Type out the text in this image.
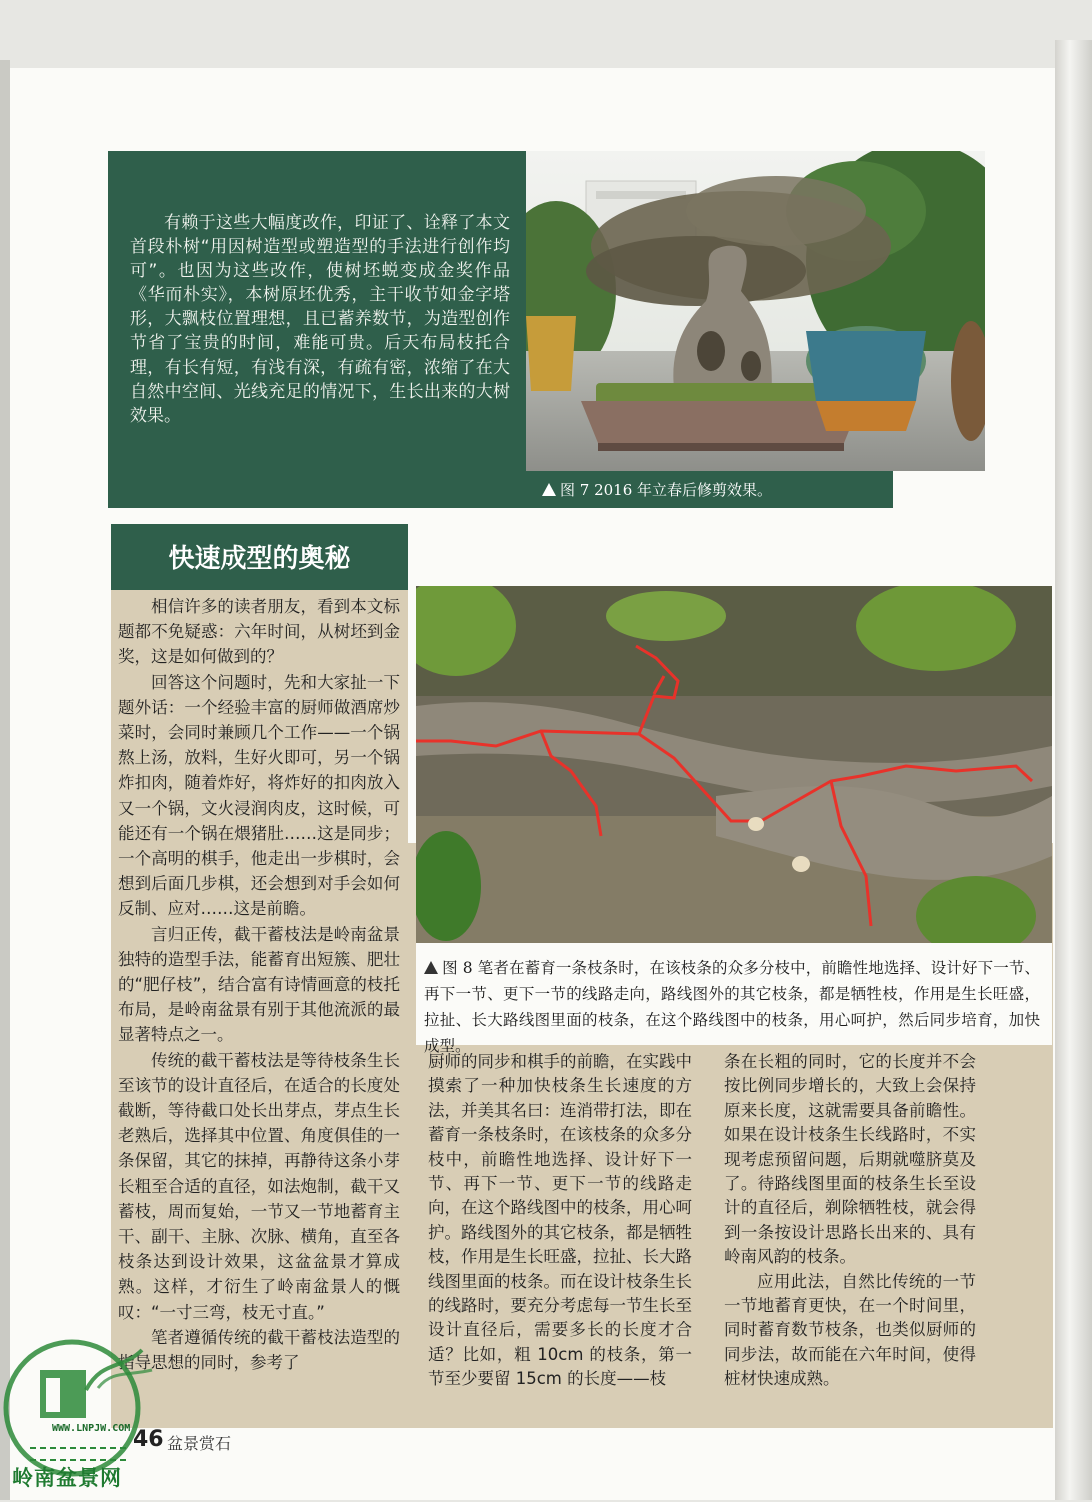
有赖于这些大幅度改作，印证了、诠释了本文首段朴树“用因树造型或塑造型的手法进行创作均可”。也因为这些改作，使树坯蜕变成金奖作品《华而朴实》，本树原坯优秀，主干收节如金字塔形，大飘枝位置理想，且已蓄养数节，为造型创作节省了宝贵的时间，难能可贵。后天布局枝托合理，有长有短，有浅有深，有疏有密，浓缩了在大自然中空间、光线充足的情况下，生长出来的大树效果。

图 7 2016 年立春后修剪效果。
快速成型的奥秘

图 8 笔者在蓄育一条枝条时，在该枝条的众多分枝中，前瞻性地选择、设计好下一节、再下一节、更下一节的线路走向，路线图外的其它枝条，都是牺牲枝，作用是生长旺盛，拉扯、长大路线图里面的枝条，在这个路线图中的枝条，用心呵护，然后同步培育，加快成型。

相信许多的读者朋友，看到本文标题都不免疑惑：六年时间，从树坯到金奖，这是如何做到的？

回答这个问题时，先和大家扯一下题外话：一个经验丰富的厨师做酒席炒菜时，会同时兼顾几个工作——一个锅熬上汤，放料，生好火即可，另一个锅炸扣肉，随着炸好，将炸好的扣肉放入又一个锅，文火浸润肉皮，这时候，可能还有一个锅在煨猪肚……这是同步；一个高明的棋手，他走出一步棋时，会想到后面几步棋，还会想到对手会如何反制、应对……这是前瞻。

言归正传，截干蓄枝法是岭南盆景独特的造型手法，能蓄育出短簇、肥壮的“肥仔枝”，结合富有诗情画意的枝托布局，是岭南盆景有别于其他流派的最显著特点之一。

传统的截干蓄枝法是等待枝条生长至该节的设计直径后，在适合的长度处截断，等待截口处长出芽点，芽点生长老熟后，选择其中位置、角度俱佳的一条保留，其它的抹掉，再静待这条小芽长粗至合适的直径，如法炮制，截干又蓄枝，周而复始，一节又一节地蓄育主干、副干、主脉、次脉、横角，直至各枝条达到设计效果，这盆盆景才算成熟。这样，才衍生了岭南盆景人的慨叹：“一寸三弯，枝无寸直。”

笔者遵循传统的截干蓄枝法造型的指导思想的同时，参考了

厨师的同步和棋手的前瞻，在实践中摸索了一种加快枝条生长速度的方法，并美其名曰：连消带打法，即在蓄育一条枝条时，在该枝条的众多分枝中，前瞻性地选择、设计好下一节、再下一节、更下一节的线路走向，在这个路线图中的枝条，用心呵护。路线图外的其它枝条，都是牺牲枝，作用是生长旺盛，拉扯、长大路线图里面的枝条。而在设计枝条生长的线路时，要充分考虑每一节生长至设计直径后，需要多长的长度才合适？比如，粗 10cm 的枝条，第一节至少要留 15cm 的长度——枝

条在长粗的同时，它的长度并不会按比例同步增长的，大致上会保持原来长度，这就需要具备前瞻性。如果在设计枝条生长线路时，不实现考虑预留问题，后期就噬脐莫及了。待路线图里面的枝条生长至设计的直径后，剃除牺牲枝，就会得到一条按设计思路长出来的、具有岭南风韵的枝条。

应用此法，自然比传统的一节一节地蓄育更快，在一个时间里，同时蓄育数节枝条，也类似厨师的同步法，故而能在六年时间，使得桩材快速成熟。

WWW.LNPJW.COM
岭南盆景网
46 盆景赏石
